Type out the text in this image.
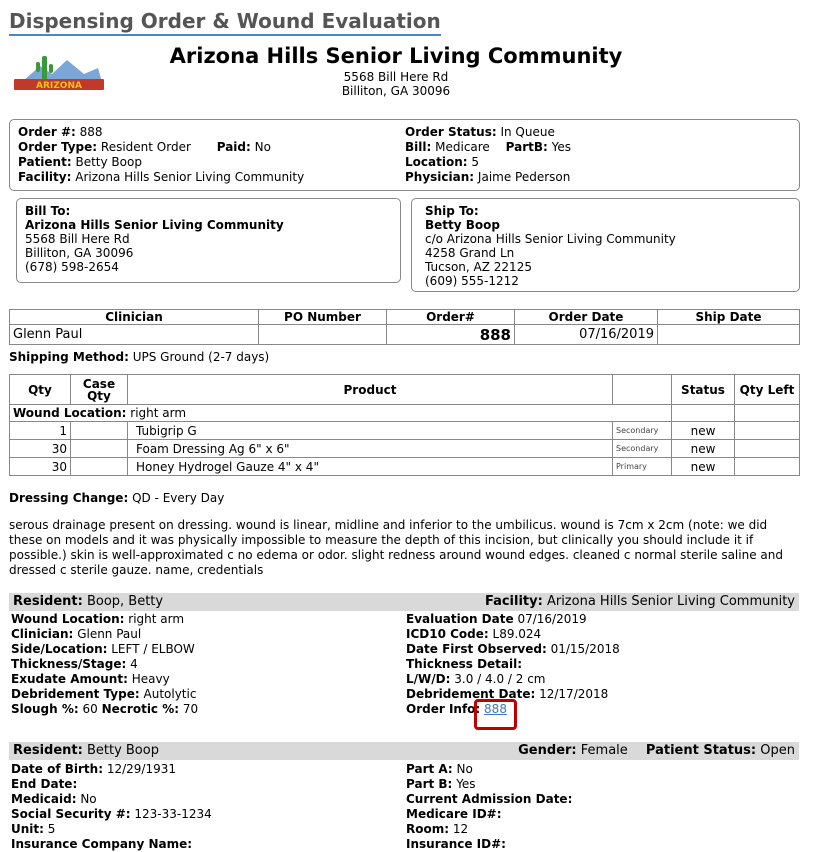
Dispensing Order & Wound Evaluation
ARIZONA
Arizona Hills Senior Living Community
5568 Bill Here Rd
Billiton, GA 30096
Order #: 888
Order Type: Resident Order Paid: No
Patient: Betty Boop
Facility: Arizona Hills Senior Living Community
Order Status: In Queue
Bill: Medicare PartB: Yes
Location: 5
Physician: Jaime Pederson
Bill To:
Arizona Hills Senior Living Community
5568 Bill Here Rd
Billiton, GA 30096
(678) 598-2654
Ship To:
Betty Boop
c/o Arizona Hills Senior Living Community
4258 Grand Ln
Tucson, AZ 22125
(609) 555-1212
Clinician	PO Number	Order#	Order Date	Ship Date
Glenn Paul		888	07/16/2019	
Shipping Method: UPS Ground (2-7 days)
Qty	Case Qty	Product		Status	Qty Left
Wound Location: right arm					
1		Tubigrip G	Secondary	new	
30		Foam Dressing Ag 6" x 6"	Secondary	new	
30		Honey Hydrogel Gauze 4" x 4"	Primary	new	
Dressing Change: QD - Every Day
serous drainage present on dressing. wound is linear, midline and inferior to the umbilicus. wound is 7cm x 2cm (note: we did these on models and it was physically impossible to measure the depth of this incision, but clinically you should include it if possible.) skin is well-approximated c no edema or odor. slight redness around wound edges. cleaned c normal sterile saline and dressed c sterile gauze. name, credentials
Resident: Boop, Betty	Facility: Arizona Hills Senior Living Community
Wound Location: right arm
Clinician: Glenn Paul
Side/Location: LEFT / ELBOW
Thickness/Stage: 4
Exudate Amount: Heavy
Debridement Type: Autolytic
Slough %: 60 Necrotic %: 70
Evaluation Date 07/16/2019
ICD10 Code: L89.024
Date First Observed: 01/15/2018
Thickness Detail:
L/W/D: 3.0 / 4.0 / 2 cm
Debridement Date: 12/17/2018
Order Info: 888
Resident: Betty Boop	Gender: Female Patient Status: Open
Date of Birth: 12/29/1931
End Date:
Medicaid: No
Social Security #: 123-33-1234
Unit: 5
Insurance Company Name:
Part A: No
Part B: Yes
Current Admission Date:
Medicare ID#:
Room: 12
Insurance ID#:
